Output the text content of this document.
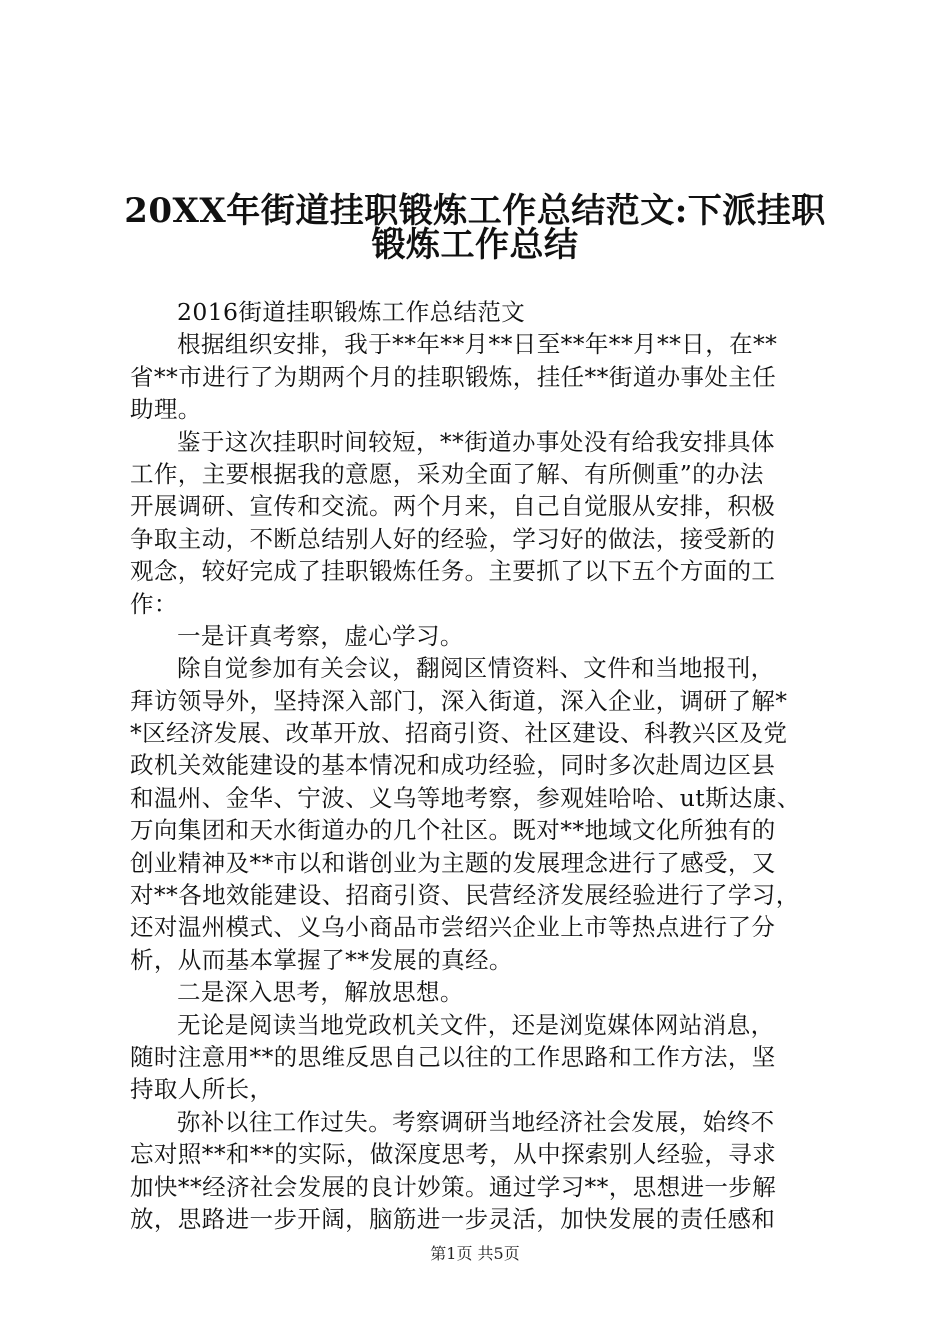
20XX年街道挂职锻炼工作总结范文:下派挂职
锻炼工作总结
2016街道挂职锻炼工作总结范文
根据组织安排，我于**年**月**日至**年**月**日，在**
省**市进行了为期两个月的挂职锻炼，挂任**街道办事处主任
助理。
鉴于这次挂职时间较短，**街道办事处没有给我安排具体
工作，主要根据我的意愿，采劝全面了解、有所侧重”的办法
开展调研、宣传和交流。两个月来，自己自觉服从安排，积极
争取主动，不断总结别人好的经验，学习好的做法，接受新的
观念，较好完成了挂职锻炼任务。主要抓了以下五个方面的工
作：
一是讦真考察，虚心学习。
除自觉参加有关会议，翻阅区情资料、文件和当地报刊，
拜访领导外，坚持深入部门，深入街道，深入企业，调研了解*
*区经济发展、改革开放、招商引资、社区建设、科教兴区及党
政机关效能建设的基本情况和成功经验，同时多次赴周边区县
和温州、金华、宁波、义乌等地考察，参观娃哈哈、ut斯达康、
万向集团和天水街道办的几个社区。既对**地域文化所独有的
创业精神及**市以和谐创业为主题的发展理念进行了感受，又
对**各地效能建设、招商引资、民营经济发展经验进行了学习，
还对温州模式、义乌小商品市尝绍兴企业上市等热点进行了分
析，从而基本掌握了**发展的真经。
二是深入思考，解放思想。
无论是阅读当地党政机关文件，还是浏览媒体网站消息，
随时注意用**的思维反思自己以往的工作思路和工作方法，坚
持取人所长，
弥补以往工作过失。考察调研当地经济社会发展，始终不
忘对照**和**的实际，做深度思考，从中探索别人经验，寻求
加快**经济社会发展的良计妙策。通过学习**，思想进一步解
放，思路进一步开阔，脑筋进一步灵活，加快发展的责任感和
第1页 共5页
